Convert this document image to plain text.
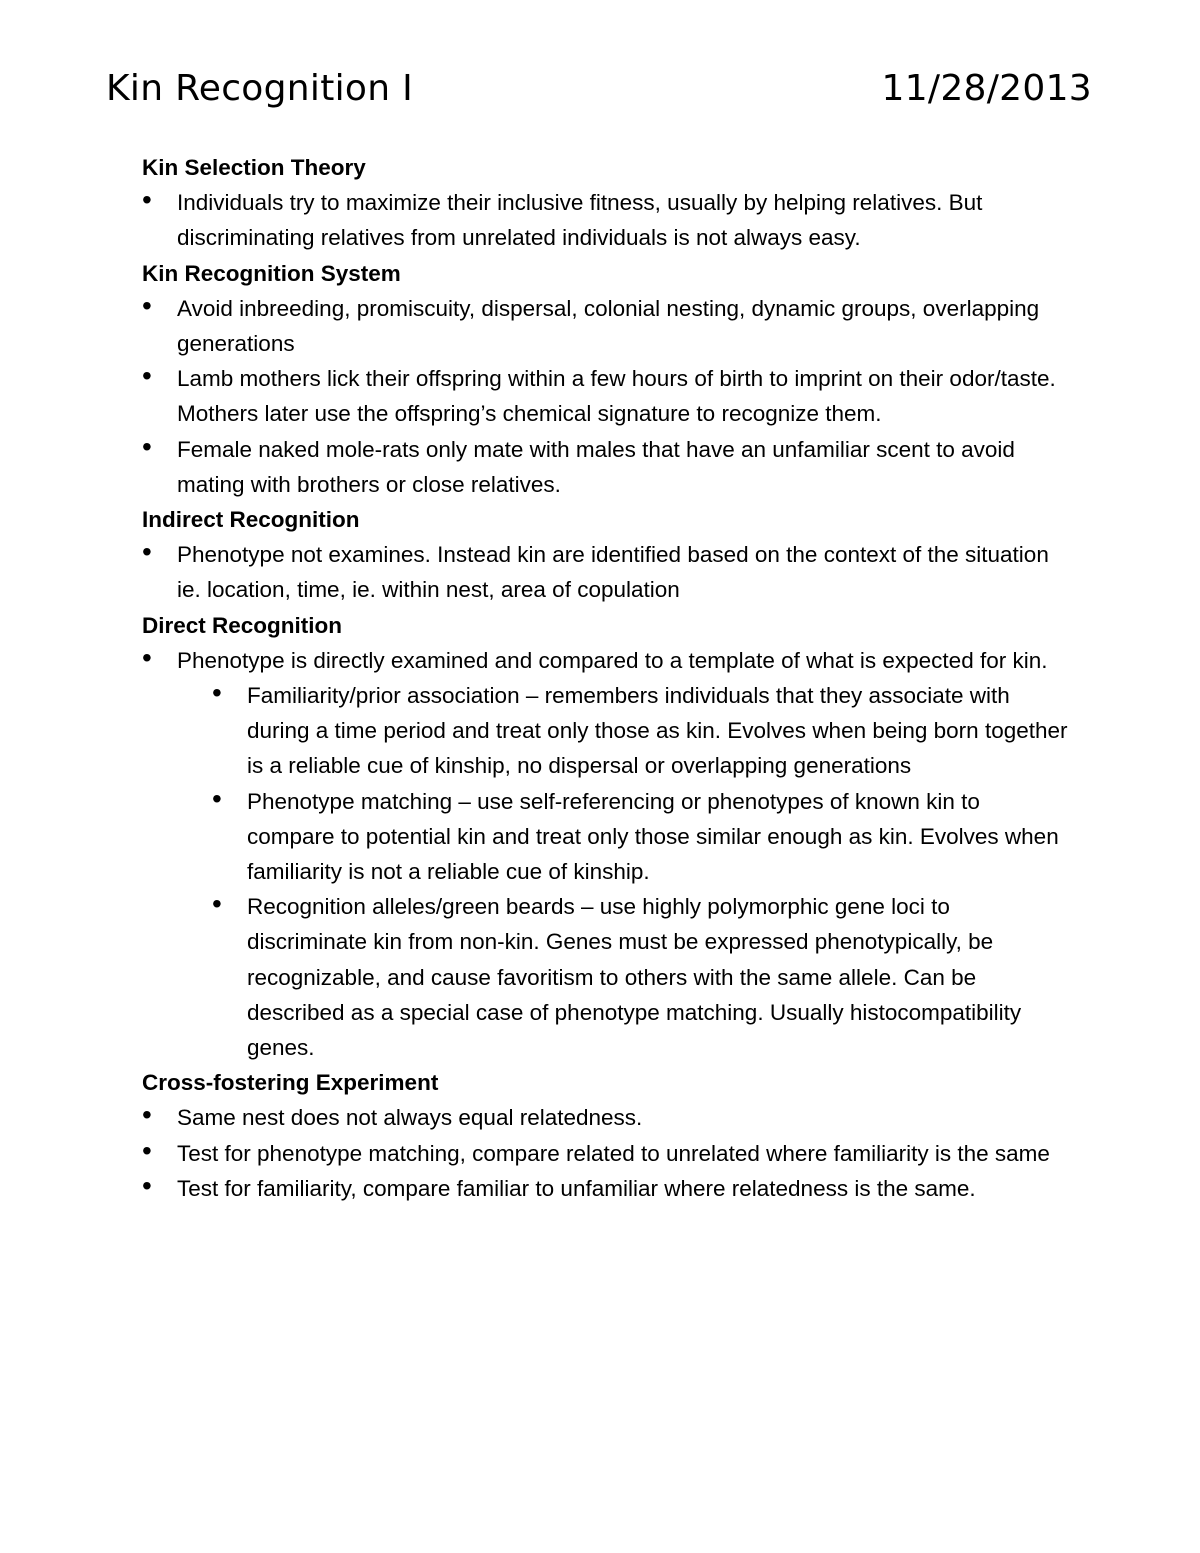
Kin Recognition I	11/28/2013

Kin Selection Theory

• Individuals try to maximize their inclusive fitness, usually by helping relatives. But discriminating relatives from unrelated individuals is not always easy.

Kin Recognition System

• Avoid inbreeding, promiscuity, dispersal, colonial nesting, dynamic groups, overlapping generations
• Lamb mothers lick their offspring within a few hours of birth to imprint on their odor/taste. Mothers later use the offspring’s chemical signature to recognize them.
• Female naked mole-rats only mate with males that have an unfamiliar scent to avoid mating with brothers or close relatives.

Indirect Recognition

• Phenotype not examines. Instead kin are identified based on the context of the situation ie. location, time, ie. within nest, area of copulation

Direct Recognition

• Phenotype is directly examined and compared to a template of what is expected for kin.
• Familiarity/prior association – remembers individuals that they associate with during a time period and treat only those as kin. Evolves when being born together is a reliable cue of kinship, no dispersal or overlapping generations
• Phenotype matching – use self-referencing or phenotypes of known kin to compare to potential kin and treat only those similar enough as kin. Evolves when familiarity is not a reliable cue of kinship.
• Recognition alleles/green beards – use highly polymorphic gene loci to discriminate kin from non-kin. Genes must be expressed phenotypically, be recognizable, and cause favoritism to others with the same allele. Can be described as a special case of phenotype matching. Usually histocompatibility genes.

Cross-fostering Experiment

• Same nest does not always equal relatedness.
• Test for phenotype matching, compare related to unrelated where familiarity is the same
• Test for familiarity, compare familiar to unfamiliar where relatedness is the same.
